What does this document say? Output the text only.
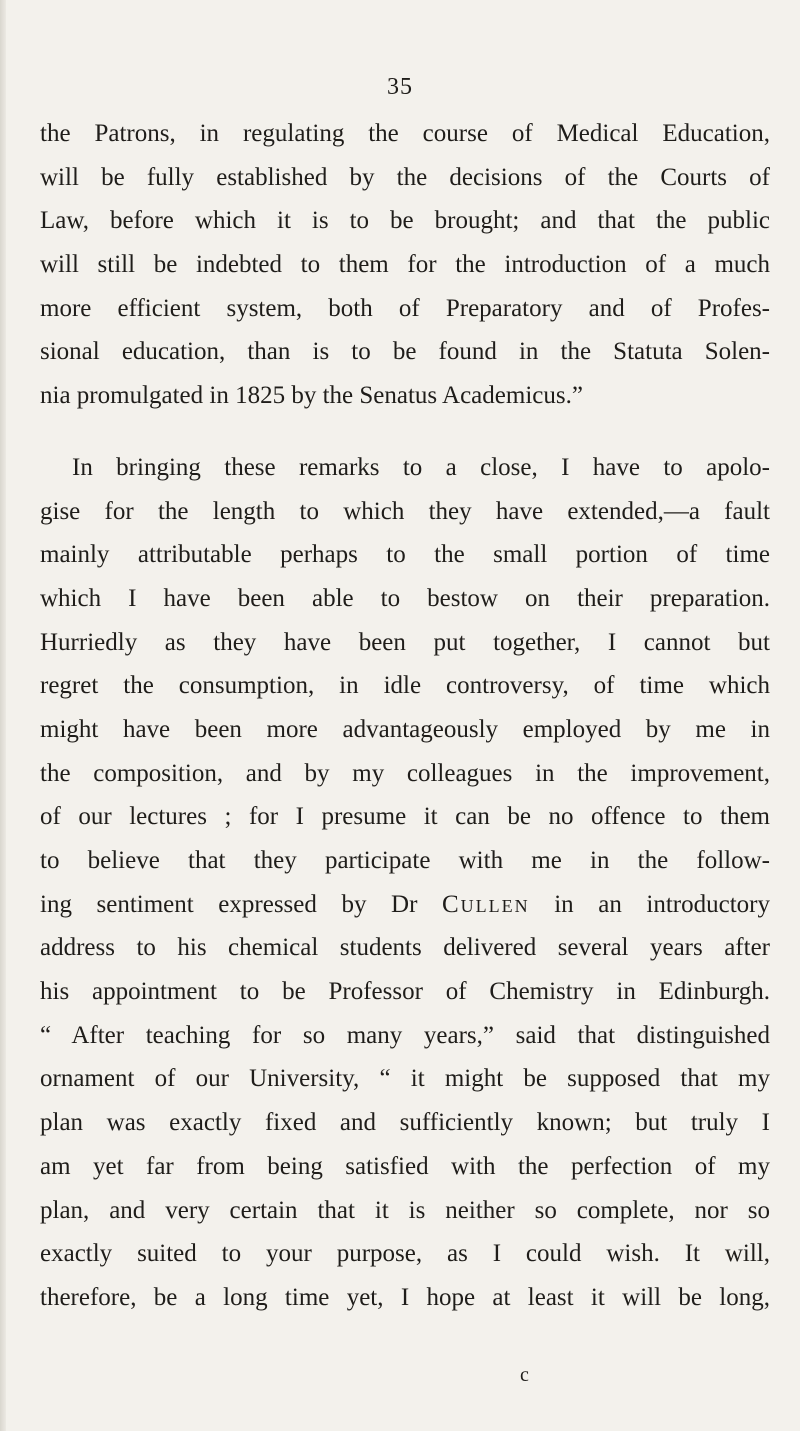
35
the Patrons, in regulating the course of Medical Education,
will be fully established by the decisions of the Courts of
Law, before which it is to be brought; and that the public
will still be indebted to them for the introduction of a much
more efficient system, both of Preparatory and of Profes-
sional education, than is to be found in the Statuta Solen-
nia promulgated in 1825 by the Senatus Academicus.”
In bringing these remarks to a close, I have to apolo-
gise for the length to which they have extended,—a fault
mainly attributable perhaps to the small portion of time
which I have been able to bestow on their preparation.
Hurriedly as they have been put together, I cannot but
regret the consumption, in idle controversy, of time which
might have been more advantageously employed by me in
the composition, and by my colleagues in the improvement,
of our lectures ; for I presume it can be no offence to them
to believe that they participate with me in the follow-
ing sentiment expressed by Dr Cullen in an introductory
address to his chemical students delivered several years after
his appointment to be Professor of Chemistry in Edinburgh.
“ After teaching for so many years,” said that distinguished
ornament of our University, “ it might be supposed that my
plan was exactly fixed and sufficiently known; but truly I
am yet far from being satisfied with the perfection of my
plan, and very certain that it is neither so complete, nor so
exactly suited to your purpose, as I could wish. It will,
therefore, be a long time yet, I hope at least it will be long,
c
